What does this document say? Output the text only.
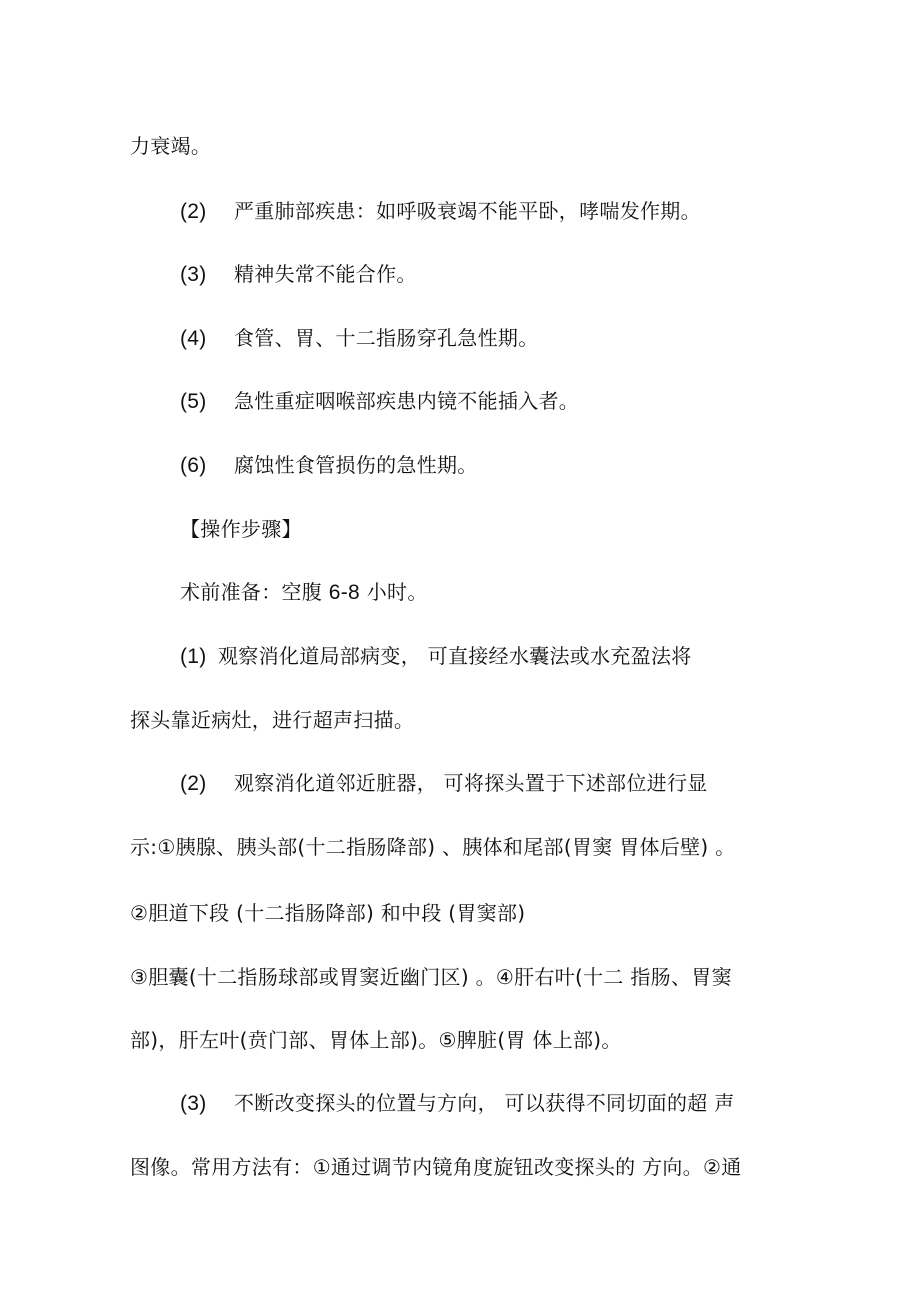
力衰竭。
(2) 严重肺部疾患：如呼吸衰竭不能平卧，哮喘发作期。
(3) 精神失常不能合作。
(4) 食管、胃、十二指肠穿孔急性期。
(5) 急性重症咽喉部疾患内镜不能插入者。
(6) 腐蚀性食管损伤的急性期。
【操作步骤】
术前准备：空腹 6-8 小时。
(1) 观察消化道局部病变， 可直接经水囊法或水充盈法将
探头靠近病灶，进行超声扫描。
(2) 观察消化道邻近脏器， 可将探头置于下述部位进行显
示:①胰腺、胰头部(十二指肠降部) 、胰体和尾部(胃窦 胃体后壁) 。
②胆道下段 (十二指肠降部) 和中段 (胃窦部)
③胆囊(十二指肠球部或胃窦近幽门区) 。④肝右叶(十二 指肠、胃窦
部)，肝左叶(贲门部、胃体上部)。⑤脾脏(胃 体上部)。
(3) 不断改变探头的位置与方向， 可以获得不同切面的超 声
图像。常用方法有：①通过调节内镜角度旋钮改变探头的 方向。②通
